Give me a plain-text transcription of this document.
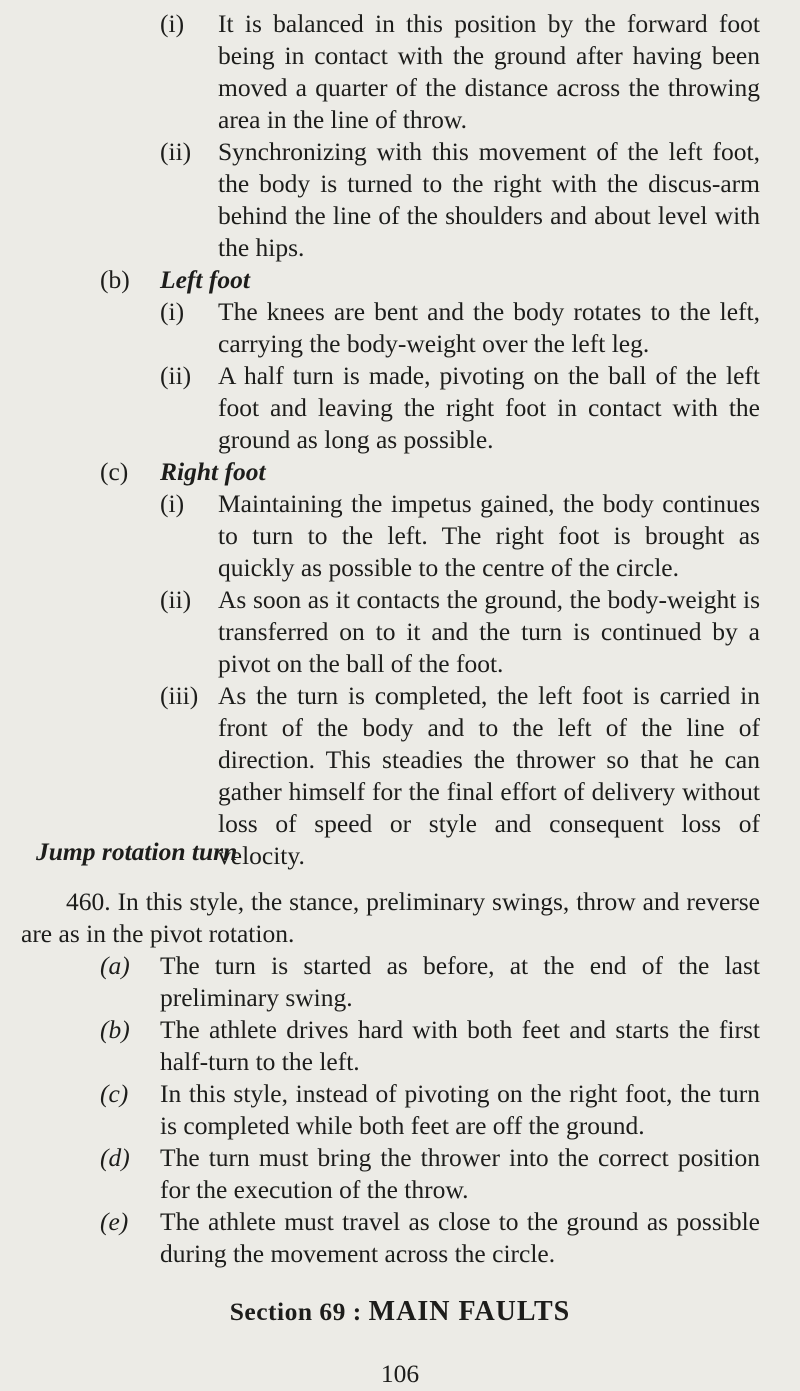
(i) It is balanced in this position by the forward foot being in contact with the ground after having been moved a quarter of the distance across the throwing area in the line of throw.
(ii) Synchronizing with this movement of the left foot, the body is turned to the right with the discus-arm behind the line of the shoulders and about level with the hips.
(b) Left foot
(i) The knees are bent and the body rotates to the left, carrying the body-weight over the left leg.
(ii) A half turn is made, pivoting on the ball of the left foot and leaving the right foot in contact with the ground as long as possible.
(c) Right foot
(i) Maintaining the impetus gained, the body continues to turn to the left. The right foot is brought as quickly as possible to the centre of the circle.
(ii) As soon as it contacts the ground, the body-weight is transferred on to it and the turn is continued by a pivot on the ball of the foot.
(iii) As the turn is completed, the left foot is carried in front of the body and to the left of the line of direction. This steadies the thrower so that he can gather himself for the final effort of delivery without loss of speed or style and consequent loss of velocity.
Jump rotation turn
460. In this style, the stance, preliminary swings, throw and reverse are as in the pivot rotation.
(a) The turn is started as before, at the end of the last preliminary swing.
(b) The athlete drives hard with both feet and starts the first half-turn to the left.
(c) In this style, instead of pivoting on the right foot, the turn is completed while both feet are off the ground.
(d) The turn must bring the thrower into the correct position for the execution of the throw.
(e) The athlete must travel as close to the ground as possible during the movement across the circle.
Section 69 : MAIN FAULTS
106
